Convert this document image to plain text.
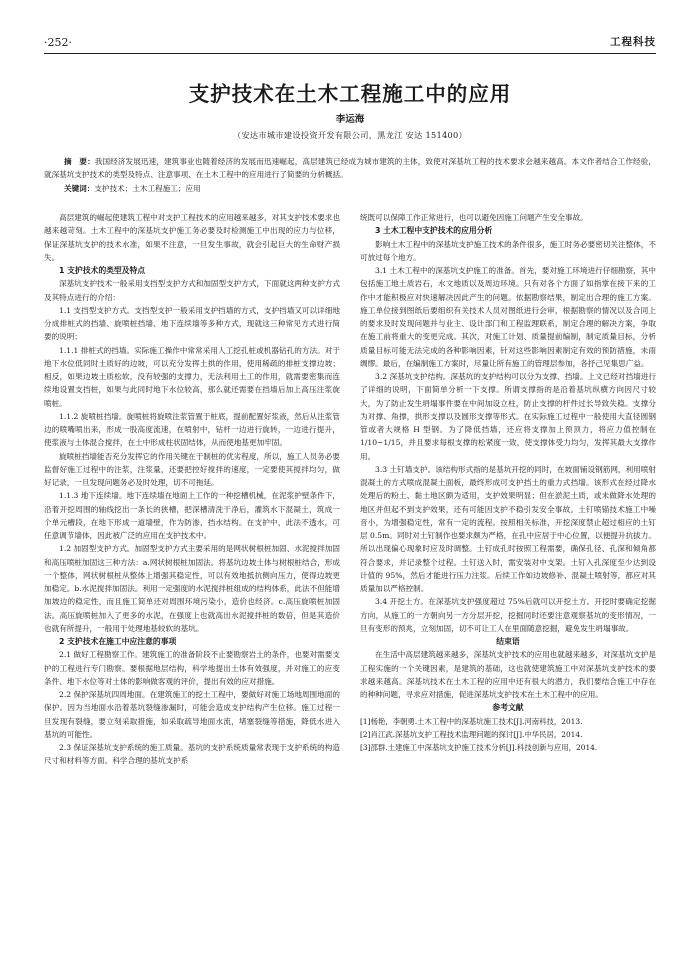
·252·	工程科技
支护技术在土木工程施工中的应用
李运海
（安达市城市建设投资开发有限公司，黑龙江 安达 151400）
摘　要：我国经济发展迅速，建筑事业也随着经济的发展而迅速崛起，高层建筑已经成为城市建筑的主体，致使对深基坑工程的技术要求会越来越高。本文作者结合工作经验，就深基坑支护技术的类型及特点、注意事项、在土木工程中的应用进行了简要的分析概括。
关键词：支护技术；土木工程施工；应用

高层建筑的崛起使建筑工程中对支护工程技术的应用越来越多，对其支护技术要求也越来越苛刻。土木工程中的深基坑支护施工务必要及时检测施工中出现的应力与位移，保证深基坑支护的技术水准，如果不注意，一旦发生事故，就会引起巨大的生命财产损失。

1 支护技术的类型及特点

深基坑支护技术一般采用支挡型支护方式和加固型支护方式，下面就这两种支护方式及其特点进行的介绍：

1.1 支挡型支护方式。支挡型支护一般采用支护挡墙的方式，支护挡墙又可以详细地分成排桩式的挡墙、旋喷桩挡墙、地下连续墙等多种方式，现就这三种常见方式进行简要的说明；

1.1.1 排桩式的挡墙。实际施工操作中常常采用人工挖孔桩或机器钻孔的方法。对于地下水位低同时土质好的边坡，可以充分发挥土拱的作用，使用稀疏的排桩支撑边坡；相反，如果边坡土质松软，没有较强的支撑力，无法利用土工的作用，就需要密集而连续地设置支挡桩，如果与此同时地下水位较高，那么就还需要在挡墙后加上高压注浆旋喷桩。

1.1.2 旋喷桩挡墙。旋喷桩将旋喷注浆管置于桩底，提前配置好浆液，然后从注浆管边的喷嘴喷出来，形成一股高度流速，在喷射中，钻杆一边进行旋转，一边进行提升，使浆液与土体混合搅拌，在土中形成柱状固结体，从而使地基更加牢固。

旋喷桩挡墙能否充分发挥它的作用关键在于制桩的优劣程度，所以，施工人员务必要监督好施工过程中的注浆，注浆量，还要把控好搅拌的速度，一定要使其搅拌均匀，做好记录，一旦发现问题务必及时处理，切不可拖延。

1.1.3 地下连续墙。地下连续墙在地面上工作的一种挖槽机械，在泥浆护壁条件下，沿着开挖周围的轴线挖出一条长的狭槽，把深槽清洗干净后，灌筑水下混凝土，筑成一个单元槽段，在地下形成一道墙壁，作为防渗、挡水结构。在支护中，此法不透水，可任意调节墙体，因此被广泛的应用在支护技术中。

1.2 加固型支护方式。加固型支护方式主要采用的是网状树根桩加固、水泥搅拌加固和高压喷桩加固这三种方法：a.网状树根桩加固法。将基坑边坡土体与树根桩结合，形成一个整体，网状树根桩从整体上增强其稳定性，可以有效地抵抗侧向压力，使得边坡更加稳定。b.水泥搅拌加固法。利用一定强度的水泥搅拌桩组成的结构体系，此法不但能增加坡边的稳定性，而且施工简单还对周围环境污染小，造价也经济。c.高压旋喷桩加固法。高压旋喷桩加入了更多的水泥，在强度上也就高出水泥搅拌桩的数倍，但是其造价也就有所提升，一般用于处理地基较软的基坑。

2 支护技术在施工中应注意的事项

2.1 做好工程勘察工作。建筑施工的准备阶段不止要勘察岩土的条件，也要对需要支护的工程进行专门勘察。要根据地层结构，科学地提出土体有效强度，并对施工的应变条件、地下水位等对土体的影响做客观的评价，提出有效的应对措施。

2.2 保护深基坑四周地面。在建筑施工的挖土工程中，要做好对施工场地周围地面的保护。因为当地面水沿着基坑裂缝渗漏时，可能会造成支护结构产生位移。施工过程一旦发现有裂缝，要立刻采取措施，如采取疏导地面水流，堵塞裂缝等措施，降低水进入基坑的可能性。

2.3 保证深基坑支护系统的施工质量。基坑的支护系统质量常表现于支护系统的构造尺寸和材料等方面。科学合理的基坑支护系

统既可以保障工作正常进行，也可以避免因施工问题产生安全事故。

3 土木工程中支护技术的应用分析

影响土木工程中的深基坑支护施工技术的条件很多，施工时务必要密切关注整体，不可放过每个地方。

3.1 土木工程中的深基坑支护施工的准备。首先，要对施工环境进行仔细勘察，其中包括施工地土质岩石，水文地质以及周边环境。只有对各个方面了如指掌在接下来的工作中才能积极应对快速解决因此产生的问题。依据勘察结果，制定出合理的施工方案。施工单位接到图纸后要组织有关技术人员对图纸进行会审，根据勘察的情况以及合同上的要求及时发现问题并与业主、设计部门和工程监理联系，制定合理的解决方案，争取在施工前将重大的变更完成。其次，对施工计划、质量提前编制，制定质量目标，分析质量目标可能无法完成的各种影响因素，针对这些影响因素制定有效的预防措施，未雨绸缪。最后，在编制施工方案时，尽量让所有施工的管理层参加，各抒己见集思广益。

3.2 深基坑支护结构。深基坑的支护结构可以分为支撑、挡墙。上文已经对挡墙进行了详细的说明，下面简单分析一下支撑。所谓支撑指的是沿着基坑纵横方向因尺寸较大，为了防止发生坍塌事件要在中间加设立柱，防止支撑的杆件过长导致失稳。支撑分为对撑、角撑，拱形支撑以及圆形支撑等形式。在实际施工过程中一般使用大直径圆钢管或者大规格 H 型钢。为了降低挡墙，还应将支撑加上预顶力，将应力值控制在 1/10~1/15，并且要求每根支撑的松紧度一致，使支撑体受力均匀，发挥其最大支撑作用。

3.3 土钉墙支护。该结构形式指的是基坑开挖的同时，在坡面铺设钢筋网，利用喷射混凝土的方式喷成混凝土面板，最终形成可支护挡土的重力式挡墙。该形式在经过降水处理后的粉土、黏土地区颇为适用，支护效果明显；但在淤泥土质，或未做降水处理的地区并但起不到支护效果，还有可能因支护不稳引发安全事故。土钉喷锚技术施工中噪音小，为增强稳定性，常有一定的流程。按照相关标准，开挖深度禁止超过相应的土钉层 0.5m。同时对土钉制作也要求颇为严格，在孔中应居于中心位置，以便提升抗拔力。所以出现偏心现象时应及时调整。土钉成孔时按照工程需要，确保孔径、孔深和倾角都符合要求，并记录整个过程。土钉送入时，需安装对中支架。土钉入孔深度至少达到设计值的 95%，然后才能进行压力注浆。后续工作如边坡修补、混凝土喷射等，都应对其质量加以严格控制。

3.4 开挖土方。在深基坑支护强度超过 75%后就可以开挖土方。开挖时要确定挖掘方向，从施工的一方朝向另一方分层开挖，挖掘同时还要注意观察基坑的变形情况，一旦有变形的预兆，立刻加固，切不可让工人在里面随意挖掘，避免发生坍塌事故。

结束语

在生活中高层建筑越来越多，深基坑支护技术的应用也就越来越多，对深基坑支护是工程实施的一个关键因素，是建筑的基础，这也就使建筑施工中对深基坑支护技术的要求越来越高。深基坑技术在土木工程的应用中还有很大的潜力，我们要结合施工中存在的种种问题，寻求应对措施，促进深基坑支护技术在土木工程中的应用。

参考文献

[1]杨艳，李朝勇.土木工程中的深基坑施工技术[J].河南科技，2013.

[2]肖江武.深基坑支护工程技术监理问题的探讨[J].中华民居，2014.

[3]邵群.土建施工中深基坑支护施工技术分析[J].科技创新与应用，2014.
